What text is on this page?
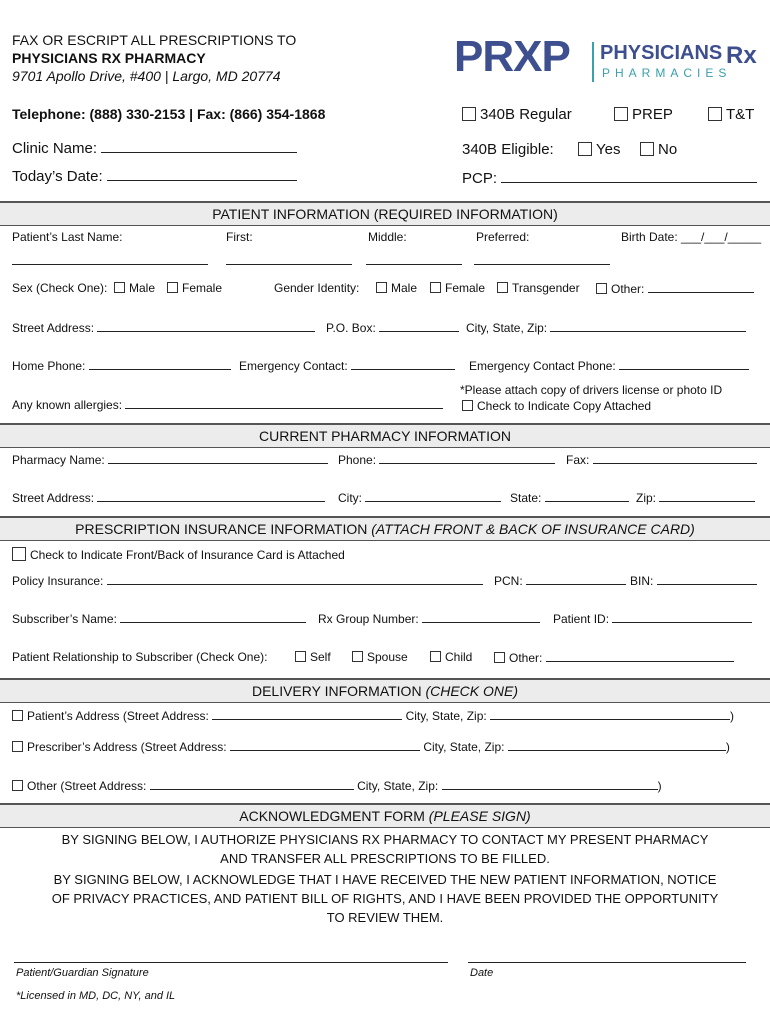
FAX OR ESCRIPT ALL PRESCRIPTIONS TO
PHYSICIANS RX PHARMACY
9701 Apollo Drive, #400 | Largo, MD 20774
Telephone: (888) 330-2153 | Fax: (866) 354-1868
PRXP PHYSICIANS
PHARMACIES
Rx
Clinic Name:
Today’s Date:
340B Regular	PREP	T&T
340B Eligible:	Yes	No
PCP:
PATIENT INFORMATION (REQUIRED INFORMATION)
Patient’s Last Name:	First:	Middle:	Preferred:	Birth Date: ___/___/_____
Sex (Check One):	Male	Female	Gender Identity:	Male	Female	Transgender	Other:
Street Address:	P.O. Box:	City, State, Zip:
Home Phone:	Emergency Contact:	Emergency Contact Phone:
*Please attach copy of drivers license or photo ID
Check to Indicate Copy Attached
Any known allergies:
CURRENT PHARMACY INFORMATION
Pharmacy Name:	Phone:	Fax:
Street Address:	City:	State:	Zip:
PRESCRIPTION INSURANCE INFORMATION (ATTACH FRONT & BACK OF INSURANCE CARD)
Check to Indicate Front/Back of Insurance Card is Attached
Policy Insurance:	PCN:	BIN:
Subscriber’s Name:	Rx Group Number:	Patient ID:
Patient Relationship to Subscriber (Check One):	Self	Spouse	Child	Other:
DELIVERY INFORMATION (CHECK ONE)
Patient’s Address (Street Address:	City, State, Zip:	)
Prescriber’s Address (Street Address:	City, State, Zip:	)
Other (Street Address:	City, State, Zip:	)
ACKNOWLEDGMENT FORM (PLEASE SIGN)
BY SIGNING BELOW, I AUTHORIZE PHYSICIANS RX PHARMACY TO CONTACT MY PRESENT PHARMACY
AND TRANSFER ALL PRESCRIPTIONS TO BE FILLED.
BY SIGNING BELOW, I ACKNOWLEDGE THAT I HAVE RECEIVED THE NEW PATIENT INFORMATION, NOTICE
OF PRIVACY PRACTICES, AND PATIENT BILL OF RIGHTS, AND I HAVE BEEN PROVIDED THE OPPORTUNITY
TO REVIEW THEM.
Patient/Guardian Signature	Date
*Licensed in MD, DC, NY, and IL
